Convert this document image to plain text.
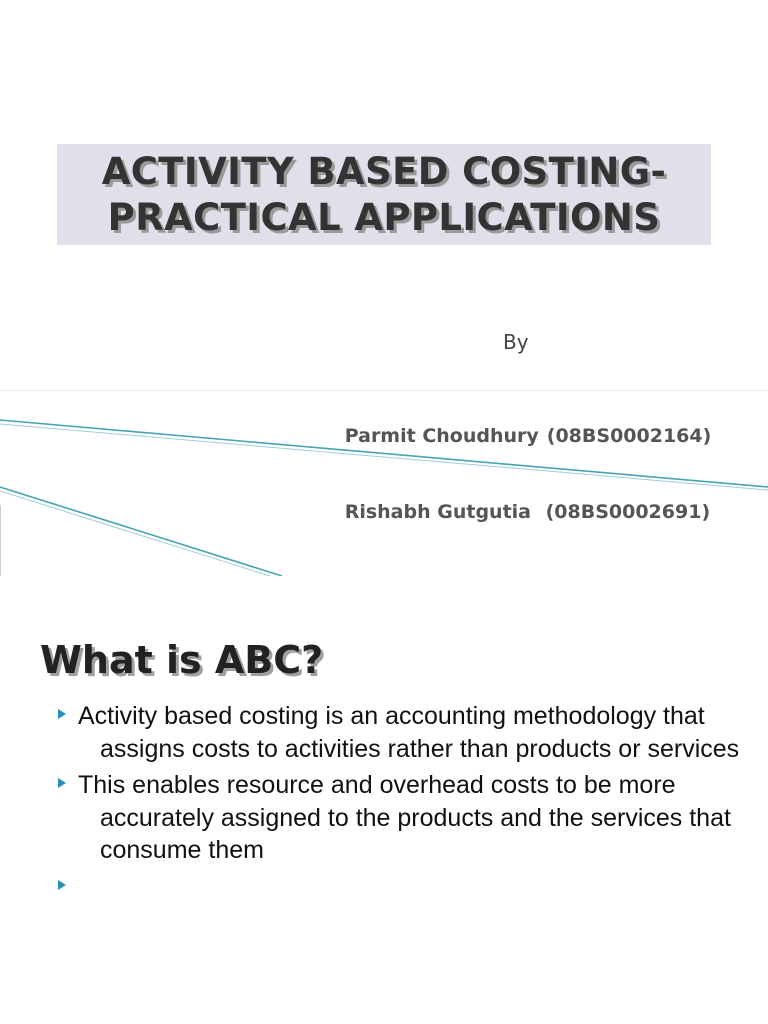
ACTIVITY BASED COSTING-
PRACTICAL APPLICATIONS
By

Parmit Choudhury (08BS0002164)

Rishabh Gutgutia (08BS0002691)

What is ABC?
Activity based costing is an accounting methodology that assigns costs to activities rather than products or services
This enables resource and overhead costs to be more accurately assigned to the products and the services that consume them
